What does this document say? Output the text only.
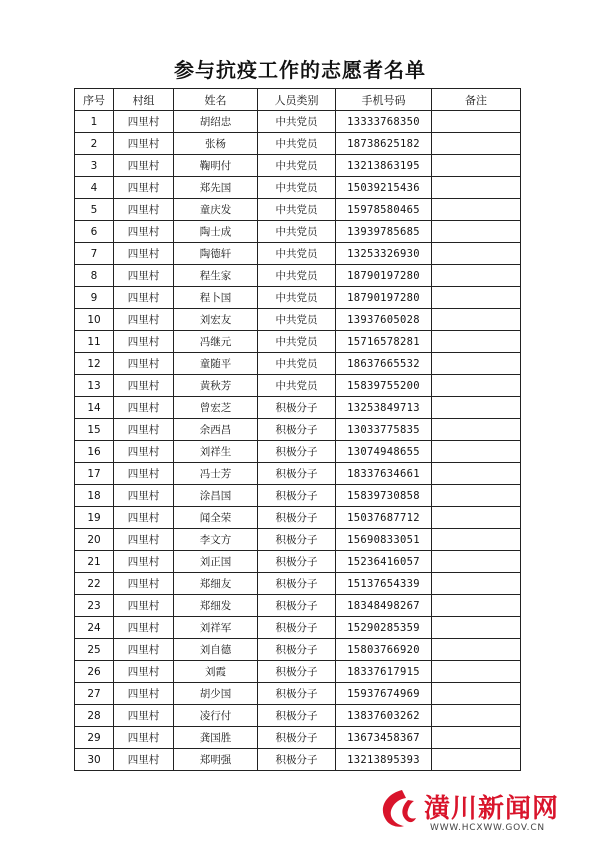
参与抗疫工作的志愿者名单
序号	村组	姓名	人员类别	手机号码	备注
1	四里村	胡绍忠	中共党员	13333768350	
2	四里村	张杨	中共党员	18738625182	
3	四里村	鞠明付	中共党员	13213863195	
4	四里村	郑先国	中共党员	15039215436	
5	四里村	童庆发	中共党员	15978580465	
6	四里村	陶士成	中共党员	13939785685	
7	四里村	陶德轩	中共党员	13253326930	
8	四里村	程生家	中共党员	18790197280	
9	四里村	程卜国	中共党员	18790197280	
10	四里村	刘宏友	中共党员	13937605028	
11	四里村	冯继元	中共党员	15716578281	
12	四里村	童随平	中共党员	18637665532	
13	四里村	黄秋芳	中共党员	15839755200	
14	四里村	曾宏芝	积极分子	13253849713	
15	四里村	余西昌	积极分子	13033775835	
16	四里村	刘祥生	积极分子	13074948655	
17	四里村	冯士芳	积极分子	18337634661	
18	四里村	涂昌国	积极分子	15839730858	
19	四里村	闻全荣	积极分子	15037687712	
20	四里村	李文方	积极分子	15690833051	
21	四里村	刘正国	积极分子	15236416057	
22	四里村	郑细友	积极分子	15137654339	
23	四里村	郑细发	积极分子	18348498267	
24	四里村	刘祥军	积极分子	15290285359	
25	四里村	刘自德	积极分子	15803766920	
26	四里村	刘霞	积极分子	18337617915	
27	四里村	胡少国	积极分子	15937674969	
28	四里村	凌行付	积极分子	13837603262	
29	四里村	龚国胜	积极分子	13673458367	
30	四里村	郑明强	积极分子	13213895393	
潢川新闻网
WWW.HCXWW.GOV.CN
